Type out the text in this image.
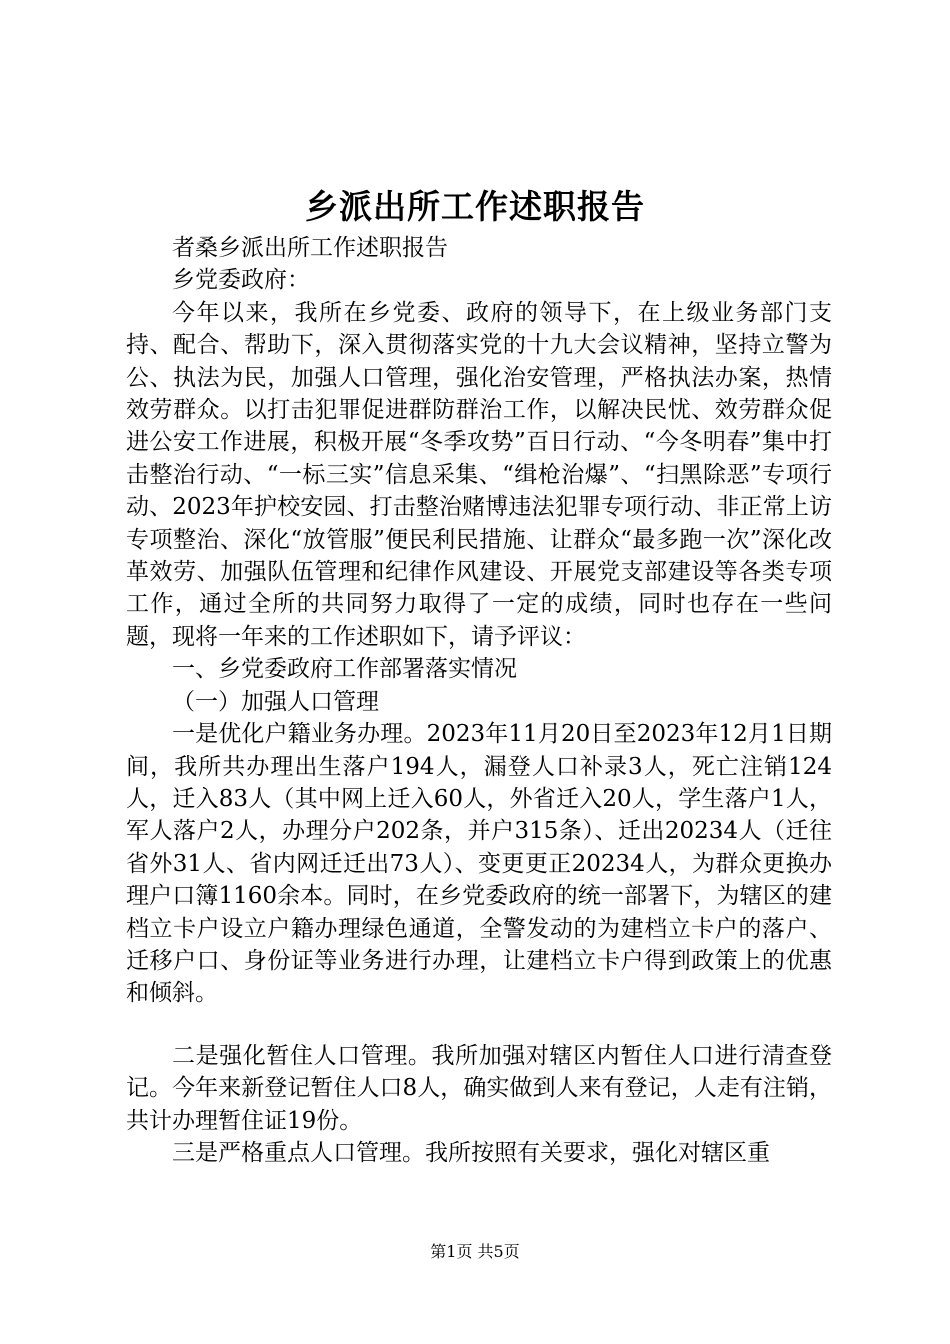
乡派出所工作述职报告

者桑乡派出所工作述职报告

乡党委政府：

今年以来，我所在乡党委、政府的领导下，在上级业务部门支持、配合、帮助下，深入贯彻落实党的十九大会议精神，坚持立警为公、执法为民，加强人口管理，强化治安管理，严格执法办案，热情效劳群众。以打击犯罪促进群防群治工作，以解决民忧、效劳群众促进公安工作进展，积极开展“冬季攻势”百日行动、“今冬明春”集中打击整治行动、“一标三实”信息采集、“缉枪治爆”、“扫黑除恶”专项行动、2023年护校安园、打击整治赌博违法犯罪专项行动、非正常上访专项整治、深化“放管服”便民利民措施、让群众“最多跑一次”深化改革效劳、加强队伍管理和纪律作风建设、开展党支部建设等各类专项工作，通过全所的共同努力取得了一定的成绩，同时也存在一些问题，现将一年来的工作述职如下，请予评议：

一、乡党委政府工作部署落实情况

（一）加强人口管理

一是优化户籍业务办理。2023年11月20日至2023年12月1日期间，我所共办理出生落户194人，漏登人口补录3人，死亡注销124人，迁入83人（其中网上迁入60人，外省迁入20人，学生落户1人，军人落户2人，办理分户202条，并户315条）、迁出20234人（迁往省外31人、省内网迁迁出73人）、变更更正20234人，为群众更换办理户口簿1160余本。同时，在乡党委政府的统一部署下，为辖区的建档立卡户设立户籍办理绿色通道，全警发动的为建档立卡户的落户、迁移户口、身份证等业务进行办理，让建档立卡户得到政策上的优惠和倾斜。

二是强化暂住人口管理。我所加强对辖区内暂住人口进行清查登记。今年来新登记暂住人口8人，确实做到人来有登记，人走有注销，共计办理暂住证19份。

三是严格重点人口管理。我所按照有关要求，强化对辖区重

第1页 共5页
